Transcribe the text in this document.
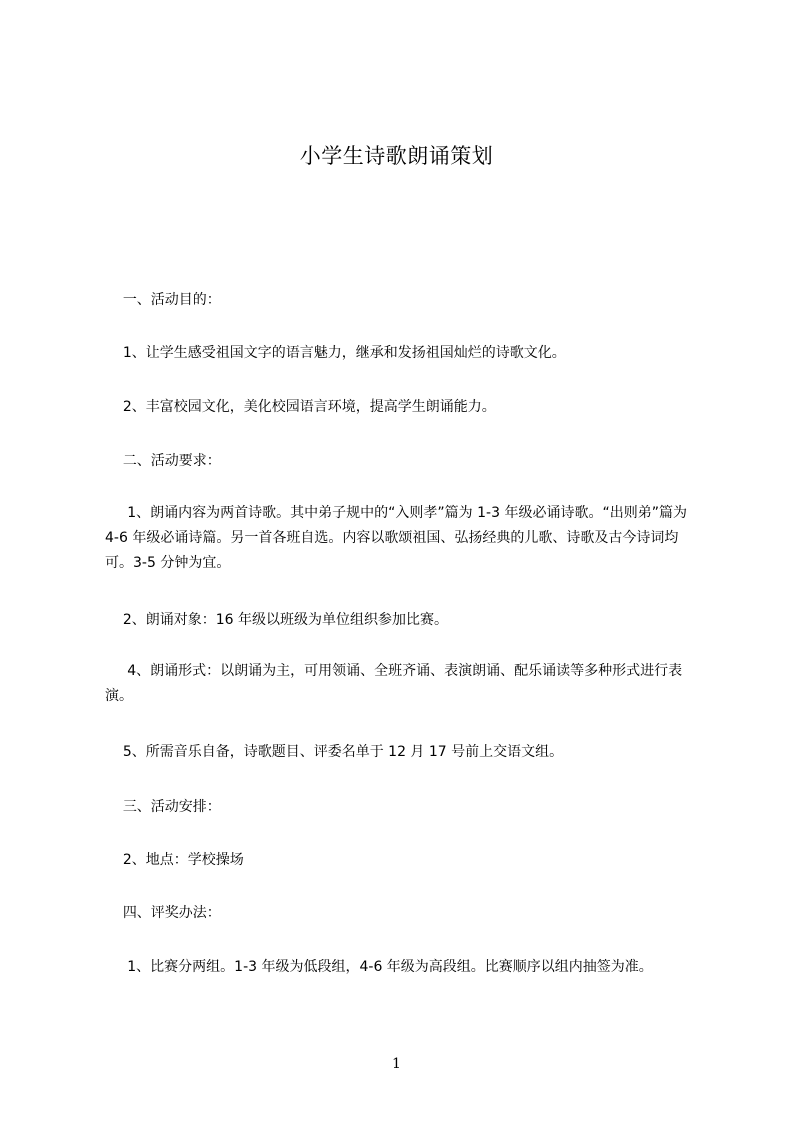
小学生诗歌朗诵策划

一、活动目的：

1、让学生感受祖国文字的语言魅力，继承和发扬祖国灿烂的诗歌文化。

2、丰富校园文化，美化校园语言环境，提高学生朗诵能力。

二、活动要求：

1、朗诵内容为两首诗歌。其中弟子规中的“入则孝”篇为 1-3 年级必诵诗歌。“出则弟”篇为 4-6 年级必诵诗篇。另一首各班自选。内容以歌颂祖国、弘扬经典的儿歌、诗歌及古今诗词均可。3-5 分钟为宜。

2、朗诵对象：16 年级以班级为单位组织参加比赛。

4、朗诵形式：以朗诵为主，可用领诵、全班齐诵、表演朗诵、配乐诵读等多种形式进行表演。

5、所需音乐自备，诗歌题目、评委名单于 12 月 17 号前上交语文组。

三、活动安排：

2、地点：学校操场

四、评奖办法：

1、比赛分两组。1-3 年级为低段组，4-6 年级为高段组。比赛顺序以组内抽签为准。

1
